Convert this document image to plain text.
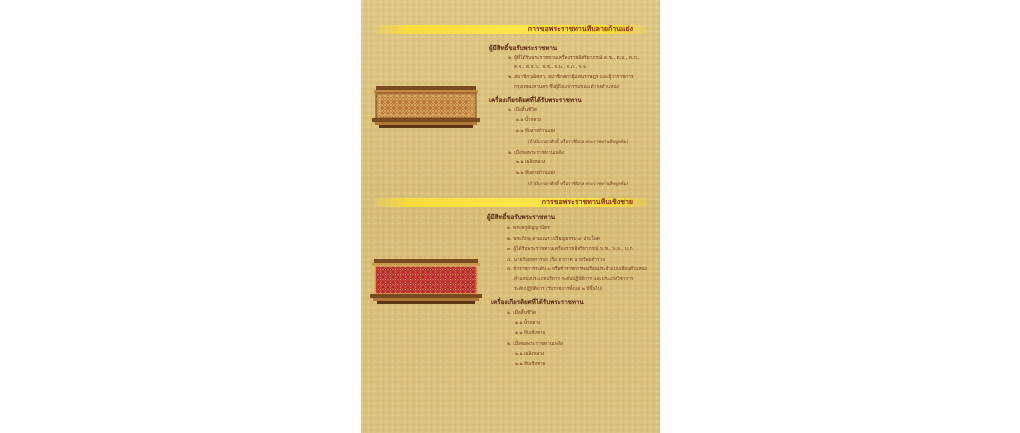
การขอพระราชทานหีบลายก้านแย่ง
การขอพระราชทานหีบเชิงชาย
ผู้มีสิทธิ์ขอรับพระราชทาน
๑. ผู้ที่ได้รับพระราชทานเครื่องราชอิสริยาภรณ์ ต.ช., ต.ม., ต.ภ.,
ต.จ., ต.จ.ว., จ.ช., จ.ม., จ.ภ., จ.จ.
๒. สมาชิกวุฒิสภา, สมาชิกสภาผู้แทนราษฎร และผู้ว่าราชการ
กรุงเทพมหานคร ซึ่งผู้ถึงแก่กรรมขณะดำรงตำแหน่ง
เครื่องเกียรติยศที่ได้รับพระราชทาน
๑. เมื่อสิ้นชีวิต
๑.๑ น้ำหลวง
๑.๒ หีบลายก้านแย่ง
(ถ้ามีบรรดาศักดิ์ หรือราชินิกุล พระราชทานหีบทูลห้ม)
๒. เมื่อขอพระราชทานเพลิง
๒.๑ เพลิงหลวง
๒.๒ หีบลายก้านแย่ง
(ถ้ามีบรรดาศักดิ์ หรือราชินิกุล พระราชทานหีบทูลห้ม)
ผู้มีสิทธิ์ขอรับพระราชทาน
๑. พระครูสัญญาบัตร
๒. พระภิกษุ สามเณร เปรียญธรรม ๙ ประโยค
๓. ผู้ได้รับพระราชทานเครื่องราชอิสริยาภรณ์ บ.ช., บ.ม., บ.ภ.
๔. นายร้อยทหารบก เรือ อากาศ นายร้อยตำรวจ
๕. ข้าราชการระดับ ๓ หรือข้าราชการพลเรือนประจำแบบเทียบตำแหน่ง
ตำแหน่งประเภทบริหาร ระดับปฏิบัติการ และประเภทวิชาการ
ระดับปฏิบัติการ (รับราชการตั้งแต่ ๒ ปีขึ้นไป)
เครื่องเกียรติยศที่ได้รับพระราชทาน
๑. เมื่อสิ้นชีวิต
๑.๑ น้ำหลวง
๑.๒ หีบเชิงชาย
๒. เมื่อขอพระราชทานเพลิง
๒.๑ เพลิงหลวง
๒.๒ หีบเชิงชาย
